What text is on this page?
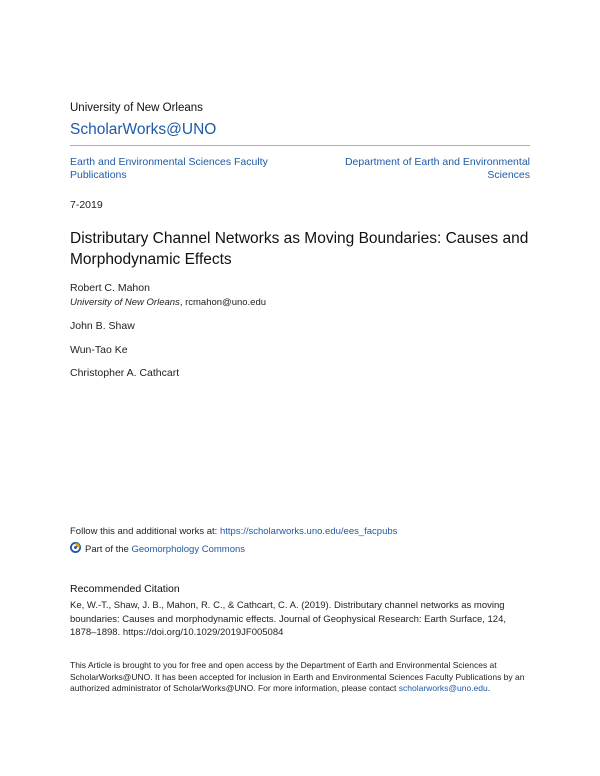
University of New Orleans
ScholarWorks@UNO
Earth and Environmental Sciences Faculty Publications
Department of Earth and Environmental Sciences
7-2019
Distributary Channel Networks as Moving Boundaries: Causes and Morphodynamic Effects
Robert C. Mahon
University of New Orleans, rcmahon@uno.edu
John B. Shaw
Wun-Tao Ke
Christopher A. Cathcart
Follow this and additional works at: https://scholarworks.uno.edu/ees_facpubs
Part of the
Geomorphology Commons
Recommended Citation
Ke, W.-T., Shaw, J. B., Mahon, R. C., & Cathcart, C. A. (2019). Distributary channel networks as moving boundaries: Causes and morphodynamic effects. Journal of Geophysical Research: Earth Surface, 124, 1878–1898. https://doi.org/10.1029/2019JF005084
This Article is brought to you for free and open access by the Department of Earth and Environmental Sciences at ScholarWorks@UNO. It has been accepted for inclusion in Earth and Environmental Sciences Faculty Publications by an authorized administrator of ScholarWorks@UNO. For more information, please contact scholarworks@uno.edu.
